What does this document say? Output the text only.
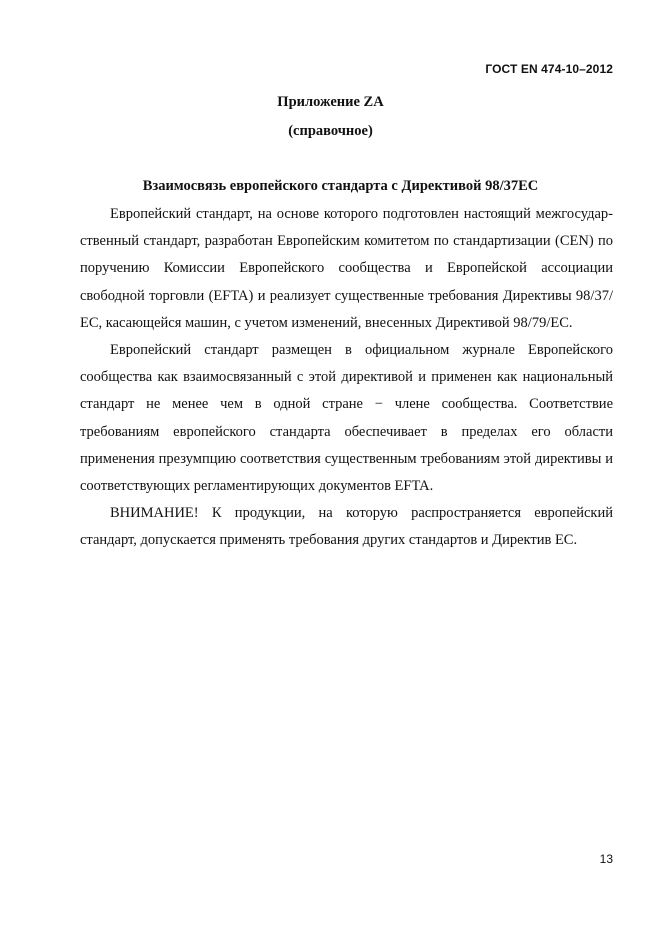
ГОСТ EN 474-10–2012
Приложение ZA
(справочное)
Взаимосвязь европейского стандарта с Директивой 98/37ЕС

Европейский стандарт, на основе которого подготовлен настоящий межгосударственный стандарт, разработан Европейским комитетом по стандартизации (CEN) по поручению Комиссии Европейского сообщества и Европейской ассоциации свободной торговли (EFTA) и реализует существенные требования Директивы 98/37/ЕС, касающейся машин, с учетом изменений, внесенных Директивой 98/79/ЕС.

Европейский стандарт размещен в официальном журнале Европейского сообщества как взаимосвязанный с этой директивой и применен как национальный стандарт не менее чем в одной стране − члене сообщества. Соответствие требованиям европейского стандарта обеспечивает в пределах его области применения презумпцию соответствия существенным требованиям этой директивы и соответствующих регламентирующих документов EFTA.

ВНИМАНИЕ! К продукции, на которую распространяется европейский стандарт, допускается применять требования других стандартов и Директив ЕС.

13
